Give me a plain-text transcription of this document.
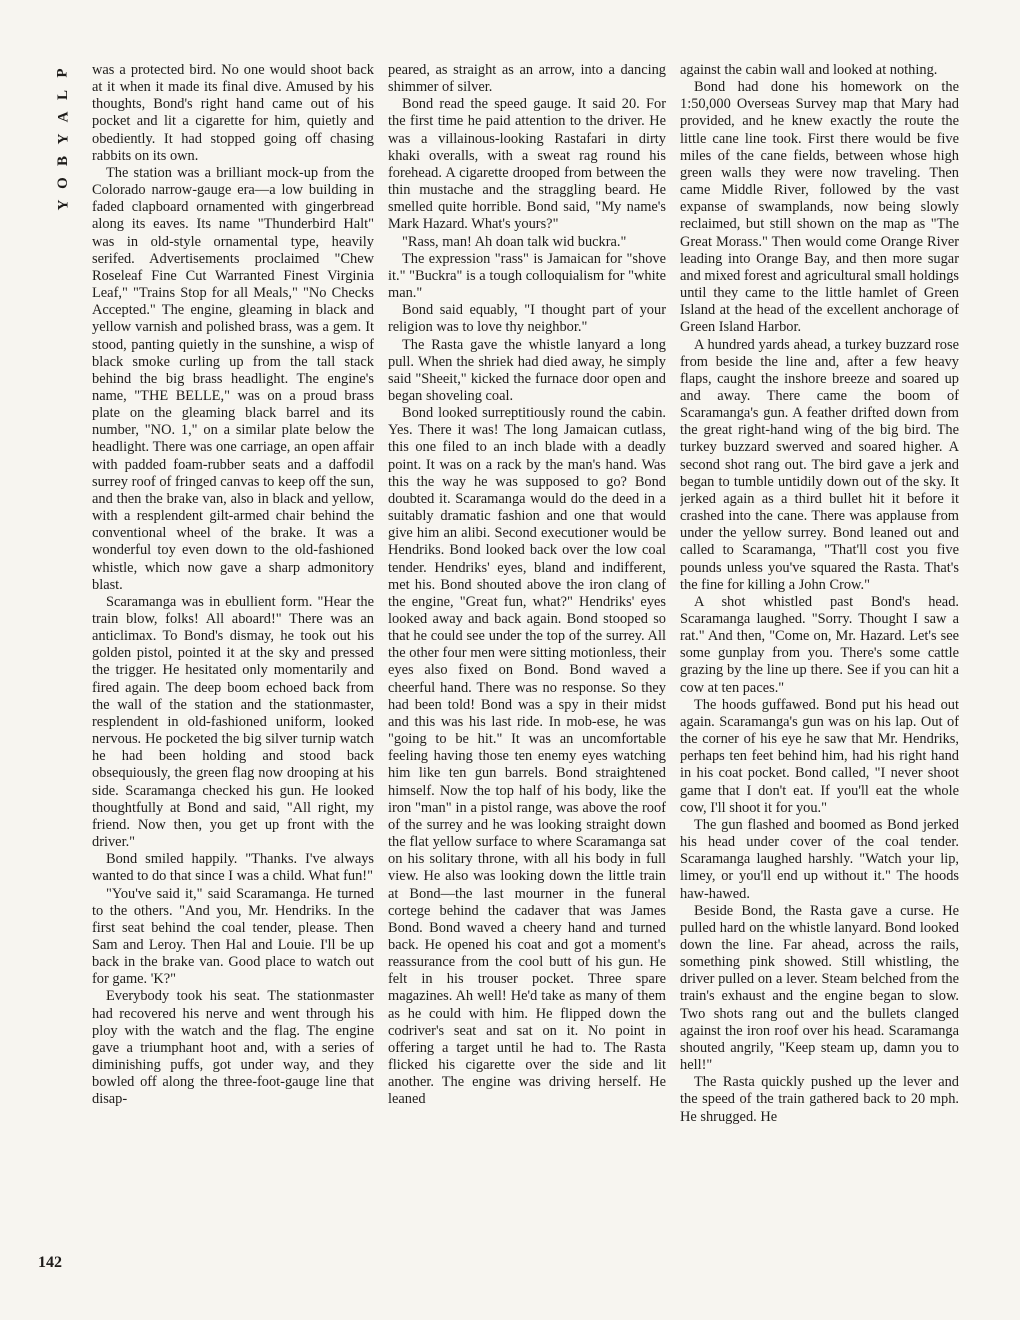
P
L
A
Y
B
O
Y
142

was a protected bird. No one would shoot back at it when it made its final dive. Amused by his thoughts, Bond's right hand came out of his pocket and lit a cigarette for him, quietly and obediently. It had stopped going off chasing rabbits on its own.

The station was a brilliant mock-up from the Colorado narrow-gauge era—a low building in faded clapboard ornamented with gingerbread along its eaves. Its name "Thunderbird Halt" was in old-style ornamental type, heavily serifed. Advertisements proclaimed "Chew Roseleaf Fine Cut Warranted Finest Virginia Leaf," "Trains Stop for all Meals," "No Checks Accepted." The engine, gleaming in black and yellow varnish and polished brass, was a gem. It stood, panting quietly in the sunshine, a wisp of black smoke curling up from the tall stack behind the big brass headlight. The engine's name, "THE BELLE," was on a proud brass plate on the gleaming black barrel and its number, "NO. 1," on a similar plate below the headlight. There was one carriage, an open affair with padded foam-rubber seats and a daffodil surrey roof of fringed canvas to keep off the sun, and then the brake van, also in black and yellow, with a resplendent gilt-armed chair behind the conventional wheel of the brake. It was a wonderful toy even down to the old-fashioned whistle, which now gave a sharp admonitory blast.

Scaramanga was in ebullient form. "Hear the train blow, folks! All aboard!" There was an anticlimax. To Bond's dismay, he took out his golden pistol, pointed it at the sky and pressed the trigger. He hesitated only momentarily and fired again. The deep boom echoed back from the wall of the station and the stationmaster, resplendent in old-fashioned uniform, looked nervous. He pocketed the big silver turnip watch he had been holding and stood back obsequiously, the green flag now drooping at his side. Scaramanga checked his gun. He looked thoughtfully at Bond and said, "All right, my friend. Now then, you get up front with the driver."

Bond smiled happily. "Thanks. I've always wanted to do that since I was a child. What fun!"

"You've said it," said Scaramanga. He turned to the others. "And you, Mr. Hendriks. In the first seat behind the coal tender, please. Then Sam and Leroy. Then Hal and Louie. I'll be up back in the brake van. Good place to watch out for game. 'K?"

Everybody took his seat. The stationmaster had recovered his nerve and went through his ploy with the watch and the flag. The engine gave a triumphant hoot and, with a series of diminishing puffs, got under way, and they bowled off along the three-foot-gauge line that disap-

peared, as straight as an arrow, into a dancing shimmer of silver.

Bond read the speed gauge. It said 20. For the first time he paid attention to the driver. He was a villainous-looking Rastafari in dirty khaki overalls, with a sweat rag round his forehead. A cigarette drooped from between the thin mustache and the straggling beard. He smelled quite horrible. Bond said, "My name's Mark Hazard. What's yours?"

"Rass, man! Ah doan talk wid buckra."

The expression "rass" is Jamaican for "shove it." "Buckra" is a tough colloquialism for "white man."

Bond said equably, "I thought part of your religion was to love thy neighbor."

The Rasta gave the whistle lanyard a long pull. When the shriek had died away, he simply said "Sheeit," kicked the furnace door open and began shoveling coal.

Bond looked surreptitiously round the cabin. Yes. There it was! The long Jamaican cutlass, this one filed to an inch blade with a deadly point. It was on a rack by the man's hand. Was this the way he was supposed to go? Bond doubted it. Scaramanga would do the deed in a suitably dramatic fashion and one that would give him an alibi. Second executioner would be Hendriks. Bond looked back over the low coal tender. Hendriks' eyes, bland and indifferent, met his. Bond shouted above the iron clang of the engine, "Great fun, what?" Hendriks' eyes looked away and back again. Bond stooped so that he could see under the top of the surrey. All the other four men were sitting motionless, their eyes also fixed on Bond. Bond waved a cheerful hand. There was no response. So they had been told! Bond was a spy in their midst and this was his last ride. In mob-ese, he was "going to be hit." It was an uncomfortable feeling having those ten enemy eyes watching him like ten gun barrels. Bond straightened himself. Now the top half of his body, like the iron "man" in a pistol range, was above the roof of the surrey and he was looking straight down the flat yellow surface to where Scaramanga sat on his solitary throne, with all his body in full view. He also was looking down the little train at Bond—the last mourner in the funeral cortege behind the cadaver that was James Bond. Bond waved a cheery hand and turned back. He opened his coat and got a moment's reassurance from the cool butt of his gun. He felt in his trouser pocket. Three spare magazines. Ah well! He'd take as many of them as he could with him. He flipped down the codriver's seat and sat on it. No point in offering a target until he had to. The Rasta flicked his cigarette over the side and lit another. The engine was driving herself. He leaned

against the cabin wall and looked at nothing.

Bond had done his homework on the 1:50,000 Overseas Survey map that Mary had provided, and he knew exactly the route the little cane line took. First there would be five miles of the cane fields, between whose high green walls they were now traveling. Then came Middle River, followed by the vast expanse of swamplands, now being slowly reclaimed, but still shown on the map as "The Great Morass." Then would come Orange River leading into Orange Bay, and then more sugar and mixed forest and agricultural small holdings until they came to the little hamlet of Green Island at the head of the excellent anchorage of Green Island Harbor.

A hundred yards ahead, a turkey buzzard rose from beside the line and, after a few heavy flaps, caught the inshore breeze and soared up and away. There came the boom of Scaramanga's gun. A feather drifted down from the great right-hand wing of the big bird. The turkey buzzard swerved and soared higher. A second shot rang out. The bird gave a jerk and began to tumble untidily down out of the sky. It jerked again as a third bullet hit it before it crashed into the cane. There was applause from under the yellow surrey. Bond leaned out and called to Scaramanga, "That'll cost you five pounds unless you've squared the Rasta. That's the fine for killing a John Crow."

A shot whistled past Bond's head. Scaramanga laughed. "Sorry. Thought I saw a rat." And then, "Come on, Mr. Hazard. Let's see some gunplay from you. There's some cattle grazing by the line up there. See if you can hit a cow at ten paces."

The hoods guffawed. Bond put his head out again. Scaramanga's gun was on his lap. Out of the corner of his eye he saw that Mr. Hendriks, perhaps ten feet behind him, had his right hand in his coat pocket. Bond called, "I never shoot game that I don't eat. If you'll eat the whole cow, I'll shoot it for you."

The gun flashed and boomed as Bond jerked his head under cover of the coal tender. Scaramanga laughed harshly. "Watch your lip, limey, or you'll end up without it." The hoods haw-hawed.

Beside Bond, the Rasta gave a curse. He pulled hard on the whistle lanyard. Bond looked down the line. Far ahead, across the rails, something pink showed. Still whistling, the driver pulled on a lever. Steam belched from the train's exhaust and the engine began to slow. Two shots rang out and the bullets clanged against the iron roof over his head. Scaramanga shouted angrily, "Keep steam up, damn you to hell!"

The Rasta quickly pushed up the lever and the speed of the train gathered back to 20 mph. He shrugged. He
